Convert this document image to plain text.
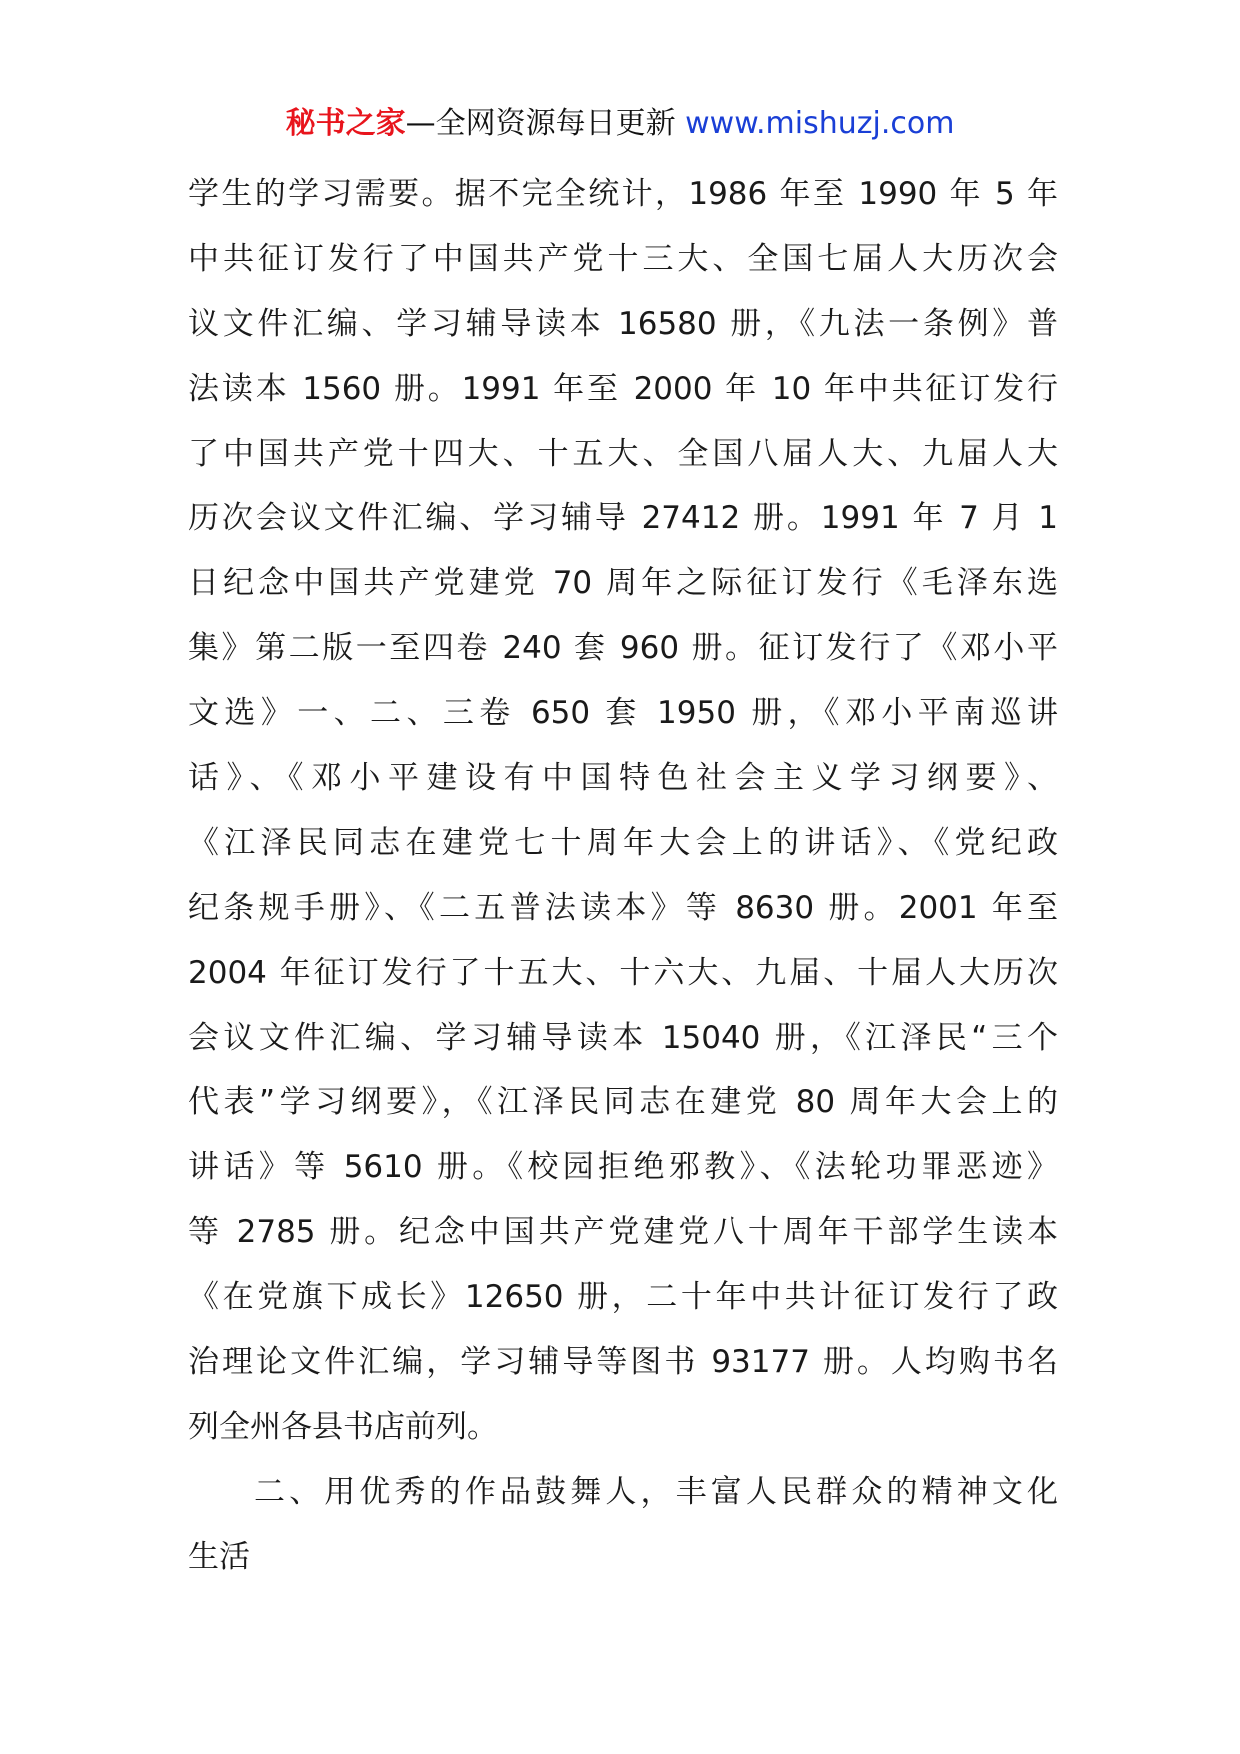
秘书之家—全网资源每日更新 www.mishuzj.com
学生的学习需要。据不完全统计，1986 年至 1990 年 5 年
中共征订发行了中国共产党十三大、全国七届人大历次会
议文件汇编、学习辅导读本 16580 册，《九法一条例》普
法读本 1560 册。1991 年至 2000 年 10 年中共征订发行
了中国共产党十四大、十五大、全国八届人大、九届人大
历次会议文件汇编、学习辅导 27412 册。1991 年 7 月 1
日纪念中国共产党建党 70 周年之际征订发行《毛泽东选
集》第二版一至四卷 240 套 960 册。征订发行了《邓小平
文选》一、二、三卷 650 套 1950 册，《邓小平南巡讲
话》、《邓小平建设有中国特色社会主义学习纲要》、
《江泽民同志在建党七十周年大会上的讲话》、《党纪政
纪条规手册》、《二五普法读本》等 8630 册。2001 年至
2004 年征订发行了十五大、十六大、九届、十届人大历次
会议文件汇编、学习辅导读本 15040 册，《江泽民“三个
代表”学习纲要》，《江泽民同志在建党 80 周年大会上的
讲话》等 5610 册。《校园拒绝邪教》、《法轮功罪恶迹》
等 2785 册。纪念中国共产党建党八十周年干部学生读本
《在党旗下成长》12650 册，二十年中共计征订发行了政
治理论文件汇编，学习辅导等图书 93177 册。人均购书名
列全州各县书店前列。
二、用优秀的作品鼓舞人，丰富人民群众的精神文化
生活
